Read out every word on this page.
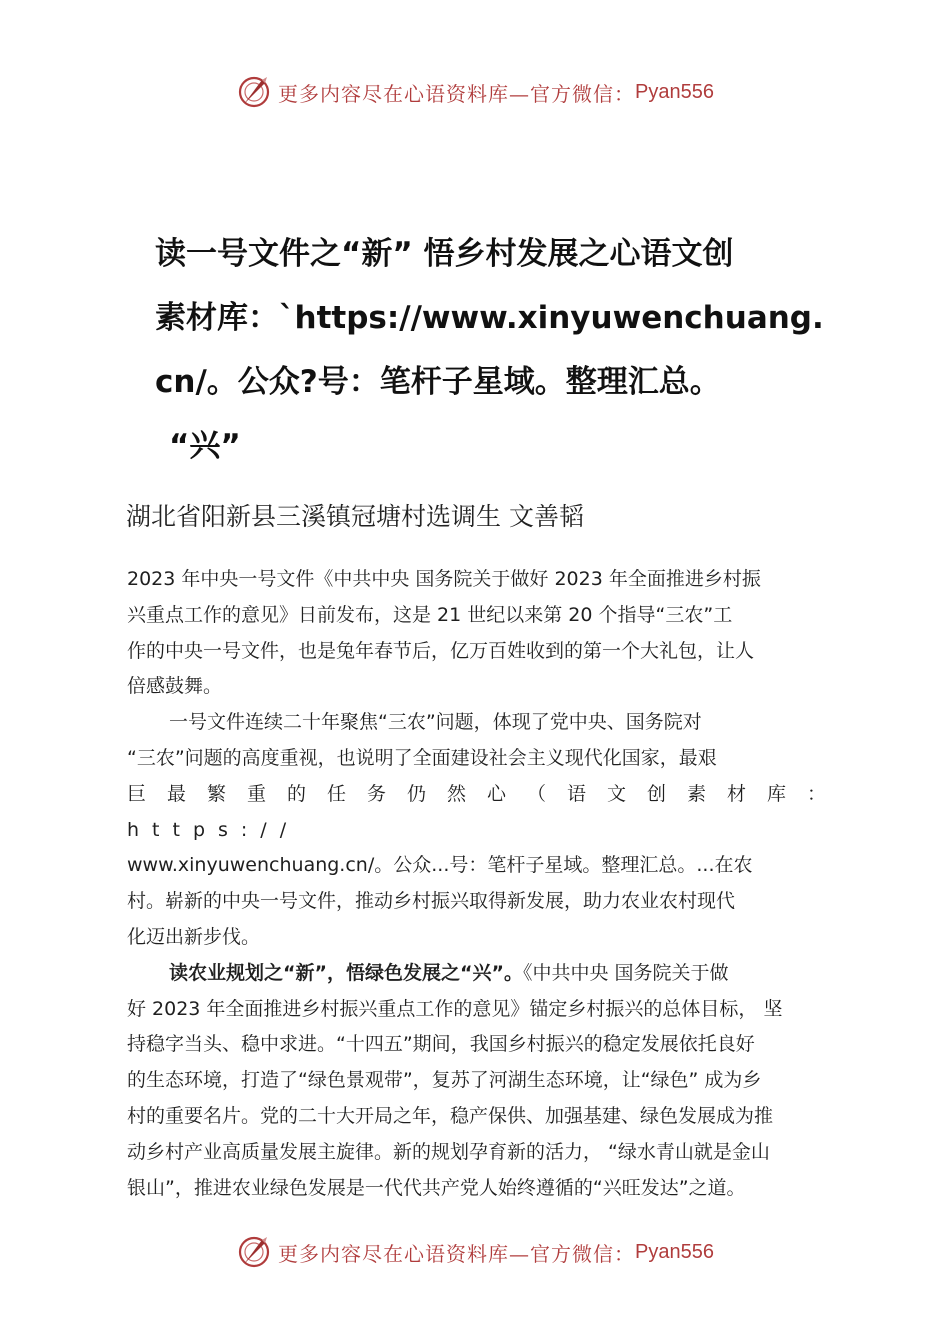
更多内容尽在心语资料库—官方微信： Pyan556
读一号文件之“新” 悟乡村发展之心语文创
素材库：`https://www.xinyuwenchuang.
cn/。公众?号：笔杆子星域。整理汇总。
“兴”

湖北省阳新县三溪镇冠塘村选调生 文善韬

2023 年中央一号文件《中共中央 国务院关于做好 2023 年全面推进乡村振
兴重点工作的意见》日前发布，这是 21 世纪以来第 20 个指导“三农”工
作的中央一号文件，也是兔年春节后，亿万百姓收到的第一个大礼包，让人
倍感鼓舞。
一号文件连续二十年聚焦“三农”问题，体现了党中央、国务院对
“三农”问题的高度重视，也说明了全面建设社会主义现代化国家，最艰
巨最繁重的任务仍然心（语文创素材库：https://
www.xinyuwenchuang.cn/。公众...号：笔杆子星域。整理汇总。...在农
村。崭新的中央一号文件，推动乡村振兴取得新发展，助力农业农村现代
化迈出新步伐。
读农业规划之“新”，悟绿色发展之“兴”。《中共中央 国务院关于做
好 2023 年全面推进乡村振兴重点工作的意见》锚定乡村振兴的总体目标， 坚
持稳字当头、稳中求进。“十四五”期间，我国乡村振兴的稳定发展依托良好
的生态环境，打造了“绿色景观带”，复苏了河湖生态环境，让“绿色” 成为乡
村的重要名片。党的二十大开局之年，稳产保供、加强基建、绿色发展成为推
动乡村产业高质量发展主旋律。新的规划孕育新的活力， “绿水青山就是金山
银山”，推进农业绿色发展是一代代共产党人始终遵循的“兴旺发达”之道。
更多内容尽在心语资料库—官方微信： Pyan556
